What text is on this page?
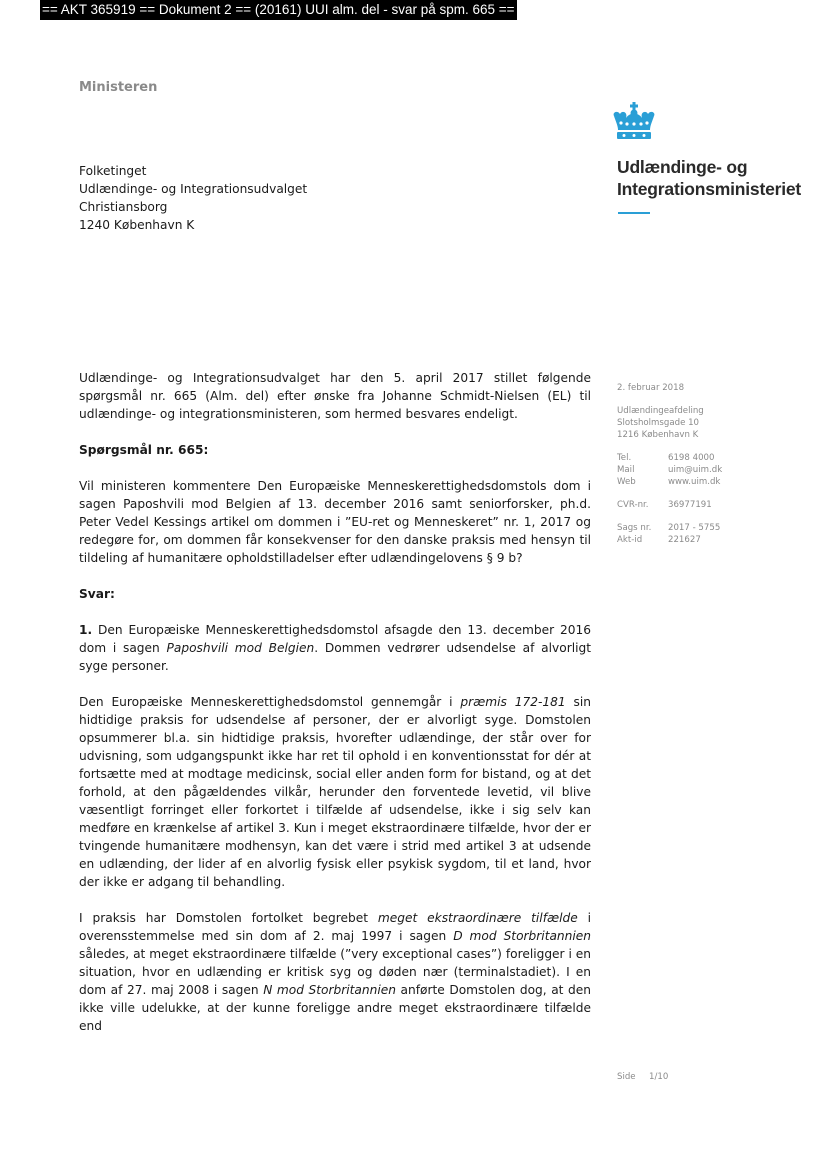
== AKT 365919 == Dokument 2 == (20161) UUI alm. del - svar på spm. 665 ==
Ministeren
Udlændinge- og
Integrationsministeriet
Folketinget
Udlændinge- og Integrationsudvalget
Christiansborg
1240 København K

Udlændinge- og Integrationsudvalget har den 5. april 2017 stillet følgende spørgsmål nr. 665 (Alm. del) efter ønske fra Johanne Schmidt-Nielsen (EL) til udlændinge- og integrationsministeren, som hermed besvares endeligt.

Spørgsmål nr. 665:

Vil ministeren kommentere Den Europæiske Menneskerettighedsdomstols dom i sagen Paposhvili mod Belgien af 13. december 2016 samt seniorforsker, ph.d. Peter Vedel Kessings artikel om dommen i ”EU-ret og Menneskeret” nr. 1, 2017 og redegøre for, om dommen får konsekvenser for den danske praksis med hensyn til tildeling af humanitære opholdstilladelser efter udlændingelovens § 9 b?

Svar:

1. Den Europæiske Menneskerettighedsdomstol afsagde den 13. december 2016 dom i sagen Paposhvili mod Belgien. Dommen vedrører udsendelse af alvorligt syge personer.

Den Europæiske Menneskerettighedsdomstol gennemgår i præmis 172-181 sin hidtidige praksis for udsendelse af personer, der er alvorligt syge. Domstolen opsummerer bl.a. sin hidtidige praksis, hvorefter udlændinge, der står over for udvisning, som udgangspunkt ikke har ret til ophold i en konventionsstat for dér at fortsætte med at modtage medicinsk, social eller anden form for bistand, og at det forhold, at den pågældendes vilkår, herunder den forventede levetid, vil blive væsentligt forringet eller forkortet i tilfælde af udsendelse, ikke i sig selv kan medføre en krænkelse af artikel 3. Kun i meget ekstraordinære tilfælde, hvor der er tvingende humanitære modhensyn, kan det være i strid med artikel 3 at udsende en udlænding, der lider af en alvorlig fysisk eller psykisk sygdom, til et land, hvor der ikke er adgang til behandling.

I praksis har Domstolen fortolket begrebet meget ekstraordinære tilfælde i overensstemmelse med sin dom af 2. maj 1997 i sagen D mod Storbritannien således, at meget ekstraordinære tilfælde (”very exceptional cases”) foreligger i en situation, hvor en udlænding er kritisk syg og døden nær (terminalstadiet). I en dom af 27. maj 2008 i sagen N mod Storbritannien anførte Domstolen dog, at den ikke ville udelukke, at der kunne foreligge andre meget ekstraordinære tilfælde end

2. februar 2018
Udlændingeafdeling
Slotsholmsgade 10
1216 København K
Tel.	6198 4000
Mail	uim@uim.dk
Web	www.uim.dk
CVR-nr.	36977191
Sags nr.	2017 - 5755
Akt-id	221627
Side 1/10
